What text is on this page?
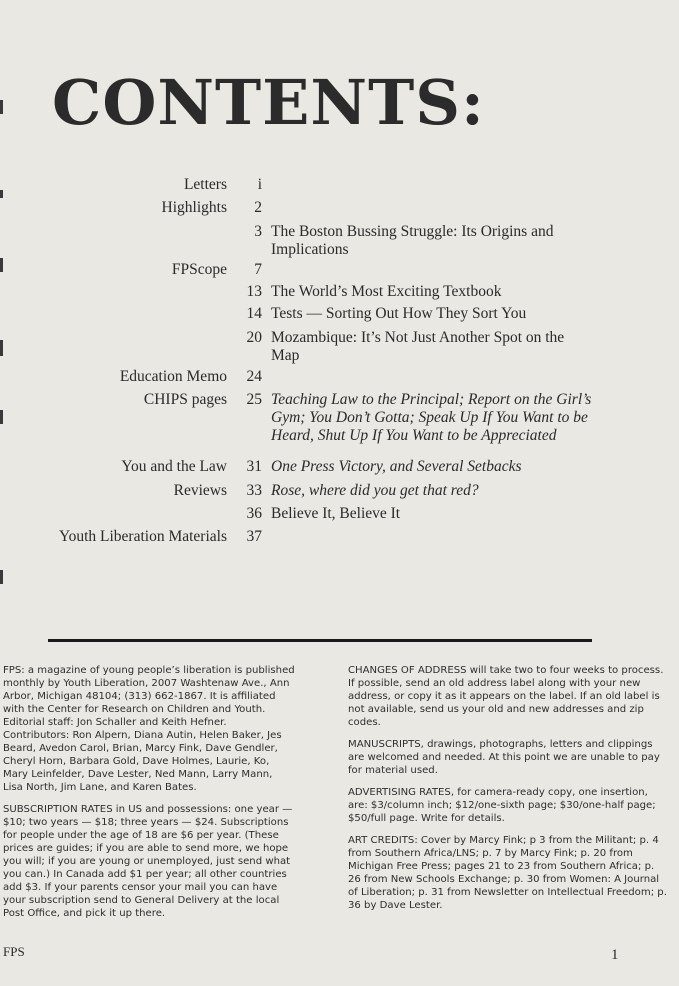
CONTENTS:
Letters	i
Highlights	2
3 The Boston Bussing Struggle: Its Origins and Implications
FPScope	7
13 The World’s Most Exciting Textbook
14 Tests — Sorting Out How They Sort You
20 Mozambique: It’s Not Just Another Spot on the Map
Education Memo	24
CHIPS pages	25 Teaching Law to the Principal; Report on the Girl’s Gym; You Don’t Gotta; Speak Up If You Want to be Heard, Shut Up If You Want to be Appreciated
You and the Law	31 One Press Victory, and Several Setbacks
Reviews	33 Rose, where did you get that red?
36 Believe It, Believe It
Youth Liberation Materials	37

FPS: a magazine of young people’s liberation is published monthly by Youth Liberation, 2007 Washtenaw Ave., Ann Arbor, Michigan 48104; (313) 662-1867. It is affiliated with the Center for Research on Children and Youth. Editorial staff: Jon Schaller and Keith Hefner. Contributors: Ron Alpern, Diana Autin, Helen Baker, Jes Beard, Avedon Carol, Brian, Marcy Fink, Dave Gendler, Cheryl Horn, Barbara Gold, Dave Holmes, Laurie, Ko, Mary Leinfelder, Dave Lester, Ned Mann, Larry Mann, Lisa North, Jim Lane, and Karen Bates.

SUBSCRIPTION RATES in US and possessions: one year — $10; two years — $18; three years — $24. Subscriptions for people under the age of 18 are $6 per year. (These prices are guides; if you are able to send more, we hope you will; if you are young or unemployed, just send what you can.) In Canada add $1 per year; all other countries add $3. If your parents censor your mail you can have your subscription send to General Delivery at the local Post Office, and pick it up there.

CHANGES OF ADDRESS will take two to four weeks to process. If possible, send an old address label along with your new address, or copy it as it appears on the label. If an old label is not available, send us your old and new addresses and zip codes.

MANUSCRIPTS, drawings, photographs, letters and clippings are welcomed and needed. At this point we are unable to pay for material used.

ADVERTISING RATES, for camera-ready copy, one insertion, are: $3/column inch; $12/one-sixth page; $30/one-half page; $50/full page. Write for details.

ART CREDITS: Cover by Marcy Fink; p 3 from the Militant; p. 4 from Southern Africa/LNS; p. 7 by Marcy Fink; p. 20 from Michigan Free Press; pages 21 to 23 from Southern Africa; p. 26 from New Schools Exchange; p. 30 from Women: A Journal of Liberation; p. 31 from Newsletter on Intellectual Freedom; p. 36 by Dave Lester.

FPS	1
